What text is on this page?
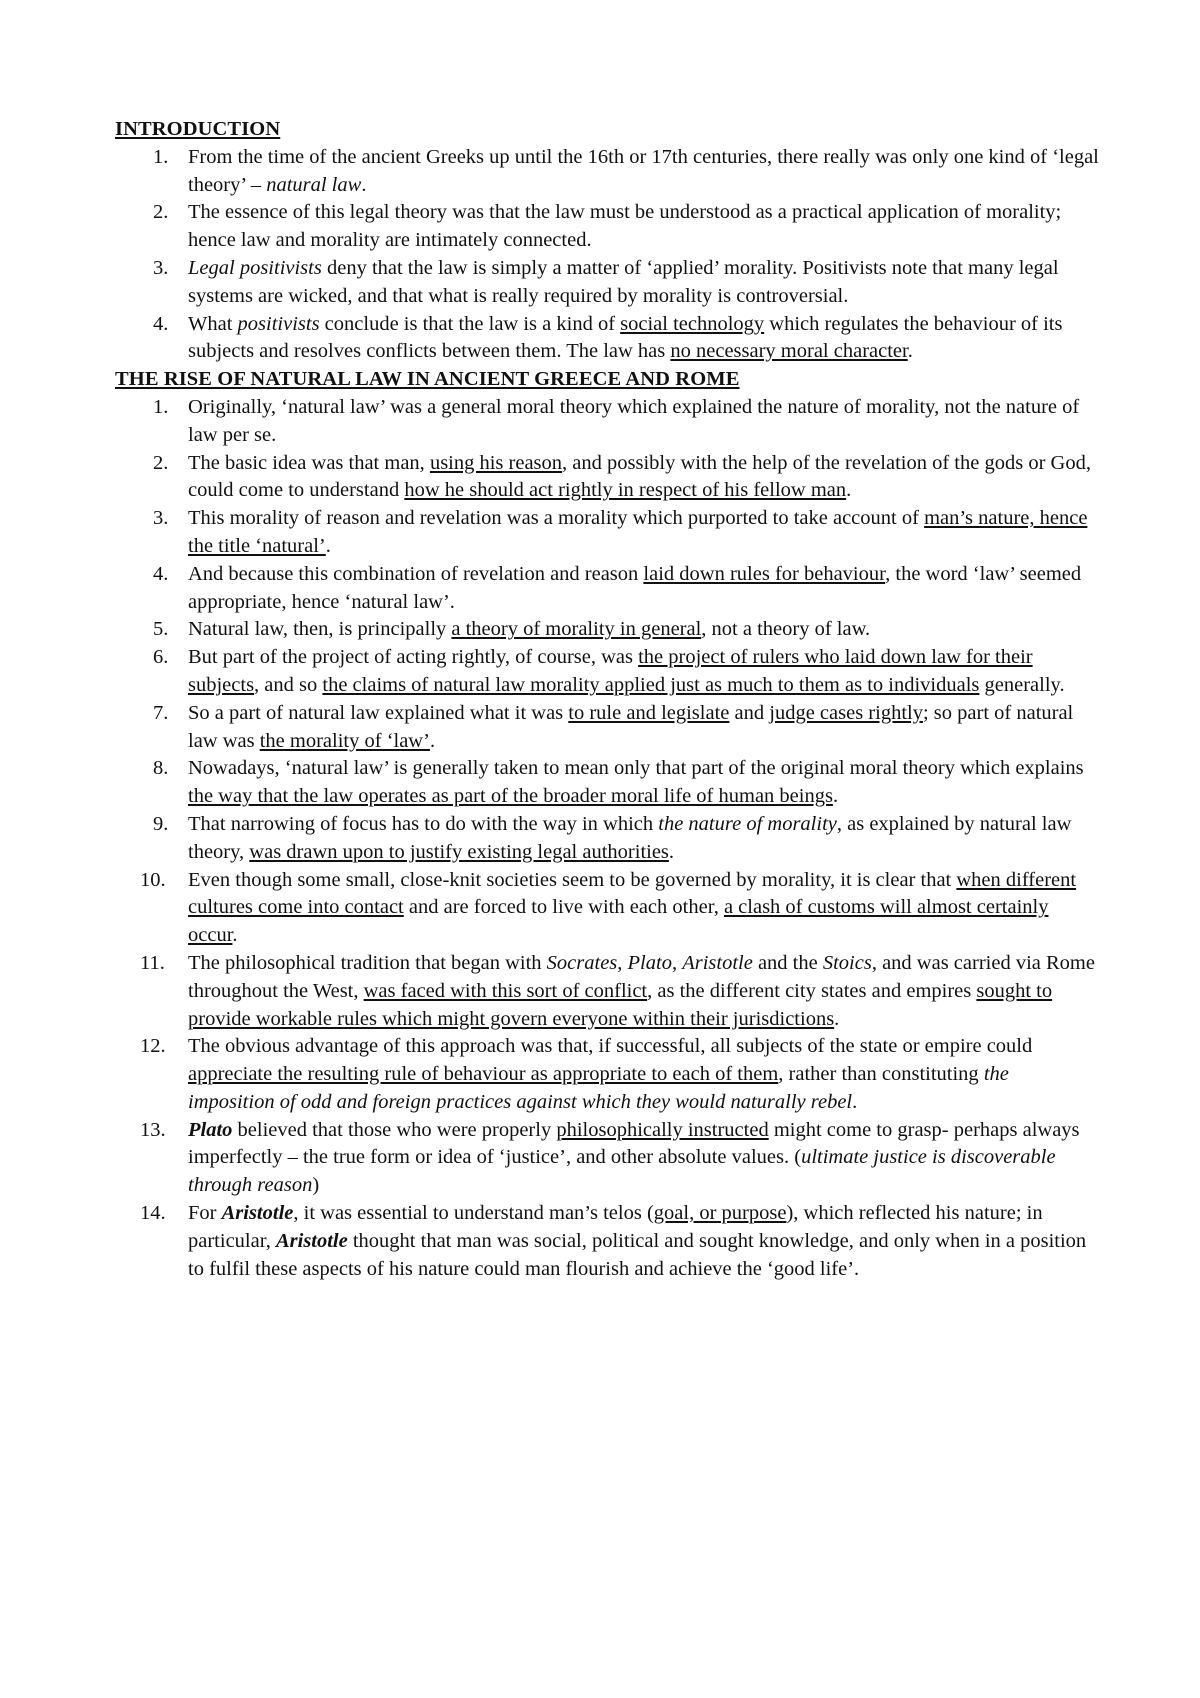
INTRODUCTION
1. From the time of the ancient Greeks up until the 16th or 17th centuries, there really was only one kind of ‘legal theory’ – natural law.
2. The essence of this legal theory was that the law must be understood as a practical application of morality; hence law and morality are intimately connected.
3. Legal positivists deny that the law is simply a matter of ‘applied’ morality. Positivists note that many legal systems are wicked, and that what is really required by morality is controversial.
4. What positivists conclude is that the law is a kind of social technology which regulates the behaviour of its subjects and resolves conflicts between them. The law has no necessary moral character.
THE RISE OF NATURAL LAW IN ANCIENT GREECE AND ROME
1. Originally, ‘natural law’ was a general moral theory which explained the nature of morality, not the nature of law per se.
2. The basic idea was that man, using his reason, and possibly with the help of the revelation of the gods or God, could come to understand how he should act rightly in respect of his fellow man.
3. This morality of reason and revelation was a morality which purported to take account of man’s nature, hence the title ‘natural’.
4. And because this combination of revelation and reason laid down rules for behaviour, the word ‘law’ seemed appropriate, hence ‘natural law’.
5. Natural law, then, is principally a theory of morality in general, not a theory of law.
6. But part of the project of acting rightly, of course, was the project of rulers who laid down law for their subjects, and so the claims of natural law morality applied just as much to them as to individuals generally.
7. So a part of natural law explained what it was to rule and legislate and judge cases rightly; so part of natural law was the morality of ‘law’.
8. Nowadays, ‘natural law’ is generally taken to mean only that part of the original moral theory which explains the way that the law operates as part of the broader moral life of human beings.
9. That narrowing of focus has to do with the way in which the nature of morality, as explained by natural law theory, was drawn upon to justify existing legal authorities.
10.	Even though some small, close-knit societies seem to be governed by morality, it is clear that when different cultures come into contact and are forced to live with each other, a clash of customs will almost certainly occur.
11.	The philosophical tradition that began with Socrates, Plato, Aristotle and the Stoics, and was carried via Rome throughout the West, was faced with this sort of conflict, as the different city states and empires sought to provide workable rules which might govern everyone within their jurisdictions.
12.	The obvious advantage of this approach was that, if successful, all subjects of the state or empire could appreciate the resulting rule of behaviour as appropriate to each of them, rather than constituting the imposition of odd and foreign practices against which they would naturally rebel.
13.	Plato believed that those who were properly philosophically instructed might come to grasp- perhaps always imperfectly – the true form or idea of ‘justice’, and other absolute values. (ultimate justice is discoverable through reason)
14.	For Aristotle, it was essential to understand man’s telos (goal, or purpose), which reflected his nature; in particular, Aristotle thought that man was social, political and sought knowledge, and only when in a position to fulfil these aspects of his nature could man flourish and achieve the ‘good life’.
